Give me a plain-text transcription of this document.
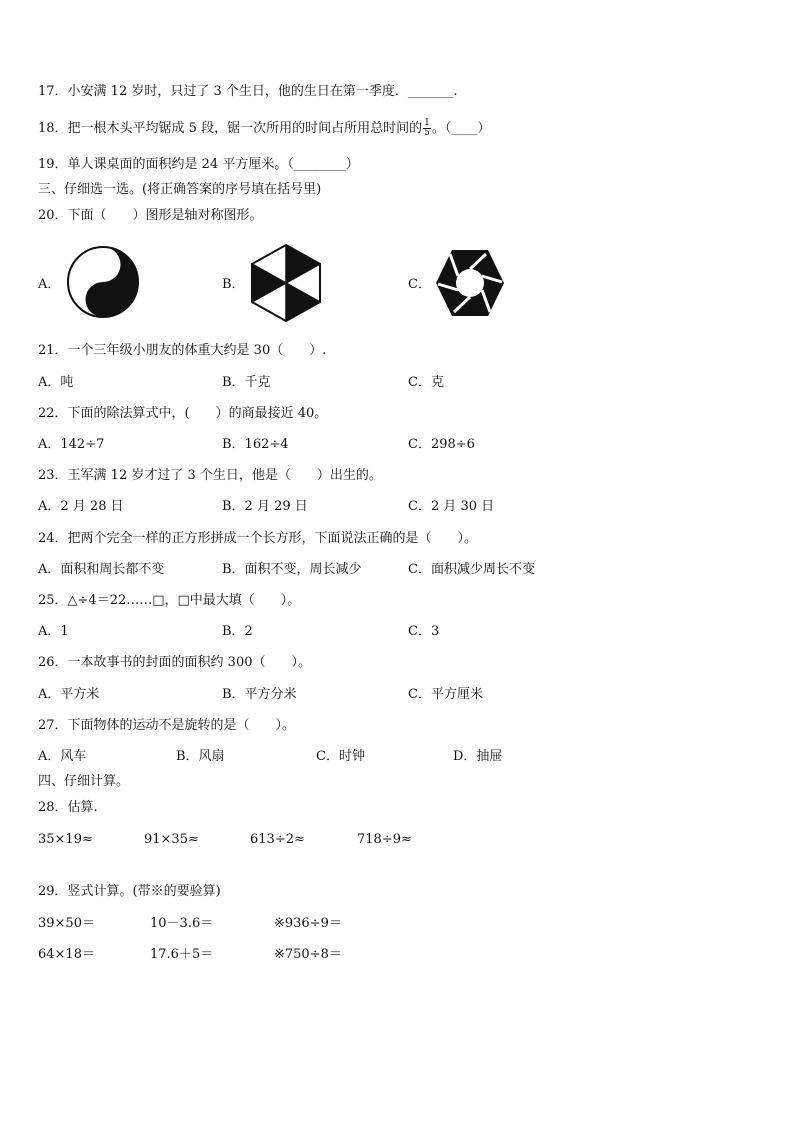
17．小安满 12 岁时，只过了 3 个生日，他的生日在第一季度．_______.
18．把一根木头平均锯成 5 段，锯一次所用的时间占所用总时间的 $\frac{1}{5}$ 。（____）
19．单人课桌面的面积约是 24 平方厘米。（________）
三、仔细选一选。(将正确答案的序号填在括号里)
20．下面（　　）图形是轴对称图形。
A．	B．	C．
21．一个三年级小朋友的体重大约是 30（　　）.
A．吨	B．千克	C．克
22．下面的除法算式中，(　　）的商最接近 40。
A．142÷7	B．162÷4	C．298÷6
23．王军满 12 岁才过了 3 个生日，他是（　　）出生的。
A．2 月 28 日	B．2 月 29 日	C．2 月 30 日
24．把两个完全一样的正方形拼成一个长方形，下面说法正确的是（　　）。
A．面积和周长都不变	B．面积不变，周长减少	C．面积减少周长不变
25．△÷4＝22……□，□中最大填（　　）。
A．1	B．2	C．3
26．一本故事书的封面的面积约 300（　　）。
A．平方米	B．平方分米	C．平方厘米
27．下面物体的运动不是旋转的是（　　）。
A．风车	B．风扇	C．时钟	D．抽屉
四、仔细计算。
28．估算.
35×19≈	91×35≈	613÷2≈	718÷9≈
29．竖式计算。(带※的要验算)
39×50＝	10－3.6＝	※936÷9＝
64×18＝	17.6＋5＝	※750÷8＝
